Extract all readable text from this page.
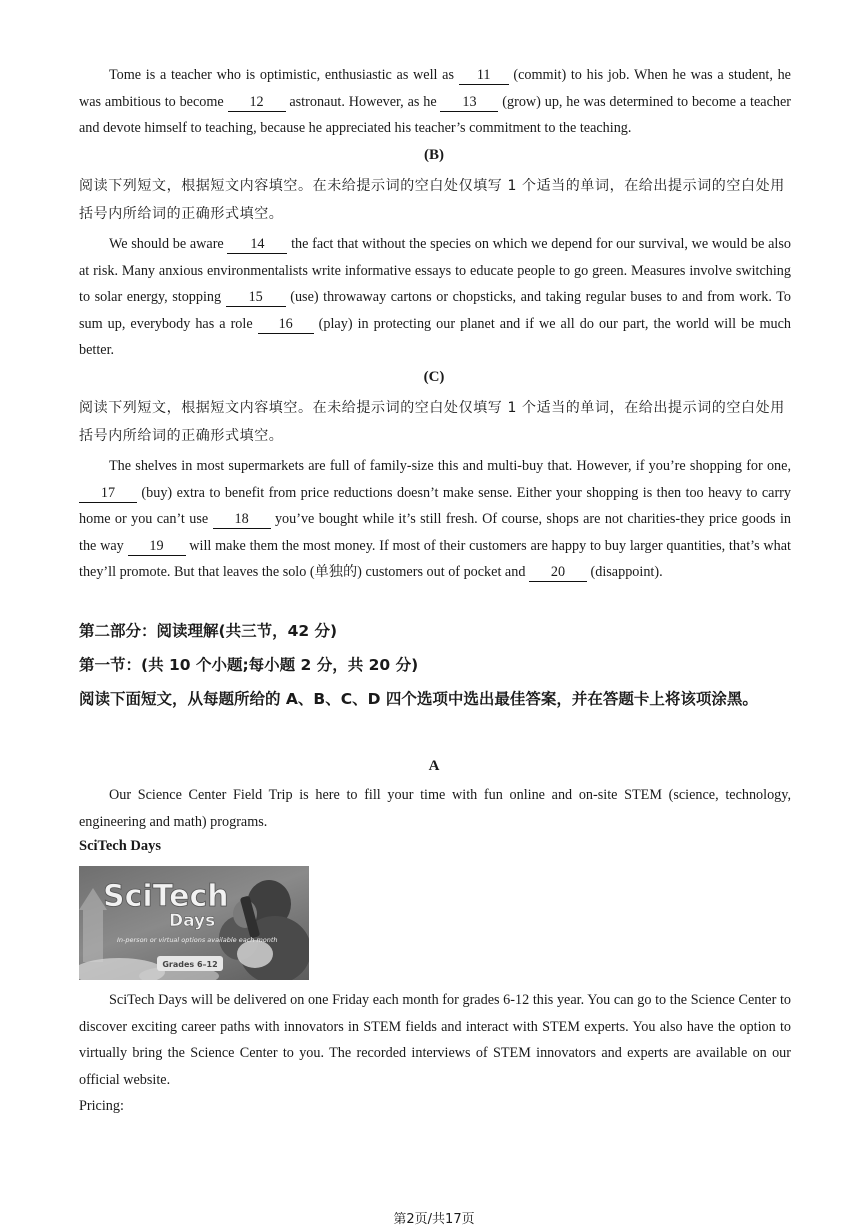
Tome is a teacher who is optimistic, enthusiastic as well as 11 (commit) to his job. When he was a student, he was ambitious to become 12 astronaut. However, as he 13 (grow) up, he was determined to become a teacher and devote himself to teaching, because he appreciated his teacher’s commitment to the teaching.

(B)

阅读下列短文，根据短文内容填空。在未给提示词的空白处仅填写 1 个适当的单词，在给出提示词的空白处用括号内所给词的正确形式填空。

We should be aware 14 the fact that without the species on which we depend for our survival, we would be also at risk. Many anxious environmentalists write informative essays to educate people to go green. Measures involve switching to solar energy, stopping 15 (use) throwaway cartons or chopsticks, and taking regular buses to and from work. To sum up, everybody has a role 16 (play) in protecting our planet and if we all do our part, the world will be much better.

(C)

阅读下列短文，根据短文内容填空。在未给提示词的空白处仅填写 1 个适当的单词，在给出提示词的空白处用括号内所给词的正确形式填空。

The shelves in most supermarkets are full of family-size this and multi-buy that. However, if you’re shopping for one, 17 (buy) extra to benefit from price reductions doesn’t make sense. Either your shopping is then too heavy to carry home or you can’t use 18 you’ve bought while it’s still fresh. Of course, shops are not charities-they price goods in the way 19 will make them the most money. If most of their customers are happy to buy larger quantities, that’s what they’ll promote. But that leaves the solo (单独的) customers out of pocket and 20 (disappoint).

第二部分：阅读理解(共三节，42 分)

第一节：(共 10 个小题;每小题 2 分，共 20 分)

阅读下面短文，从每题所给的 A、B、C、D 四个选项中选出最佳答案，并在答题卡上将该项涂黑。

A

Our Science Center Field Trip is here to fill your time with fun online and on-site STEM (science, technology, engineering and math) programs.

SciTech Days

SciTech
Days
In-person or virtual options available each month
Grades 6–12

SciTech Days will be delivered on one Friday each month for grades 6-12 this year. You can go to the Science Center to discover exciting career paths with innovators in STEM fields and interact with STEM experts. You also have the option to virtually bring the Science Center to you. The recorded interviews of STEM innovators and experts are available on our official website.

Pricing:

第2页/共17页
